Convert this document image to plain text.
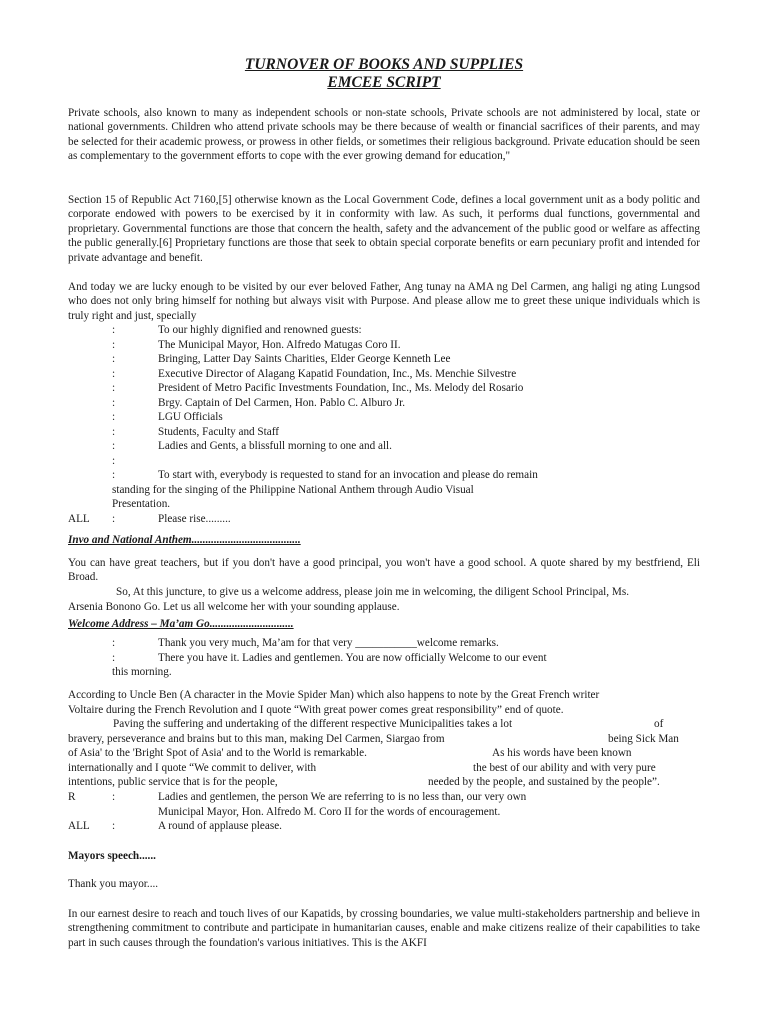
TURNOVER OF BOOKS AND SUPPLIES
EMCEE SCRIPT

Private schools, also known to many as independent schools or non-state schools, Private schools are not administered by local, state or national governments. Children who attend private schools may be there because of wealth or financial sacrifices of their parents, and may be selected for their academic prowess, or prowess in other fields, or sometimes their religious background. Private education should be seen as complementary to the government efforts to cope with the ever growing demand for education,"

Section 15 of Republic Act 7160,[5] otherwise known as the Local Government Code, defines a local government unit as a body politic and corporate endowed with powers to be exercised by it in conformity with law. As such, it performs dual functions, governmental and proprietary. Governmental functions are those that concern the health, safety and the advancement of the public good or welfare as affecting the public generally.[6] Proprietary functions are those that seek to obtain special corporate benefits or earn pecuniary profit and intended for private advantage and benefit.

And today we are lucky enough to be visited by our ever beloved Father, Ang tunay na AMA ng Del Carmen, ang haligi ng ating Lungsod who does not only bring himself for nothing but always visit with Purpose. And please allow me to greet these unique individuals which is truly right and just, specially

:	To our highly dignified and renowned guests:
:	The Municipal Mayor, Hon. Alfredo Matugas Coro II.
:	Bringing, Latter Day Saints Charities, Elder George Kenneth Lee
:	Executive Director of Alagang Kapatid Foundation, Inc., Ms. Menchie Silvestre
:	President of Metro Pacific Investments Foundation, Inc., Ms. Melody del Rosario
:	Brgy. Captain of Del Carmen, Hon. Pablo C. Alburo Jr.
:	LGU Officials
:	Students, Faculty and Staff
:	Ladies and Gents, a blissfull morning to one and all.
:
:	To start with, everybody is requested to stand for an invocation and please do remain
standing for the singing of the Philippine National Anthem through Audio Visual
Presentation.
ALL	:	Please rise.........
Invo and National Anthem.......................................

You can have great teachers, but if you don't have a good principal, you won't have a good school. A quote shared by my bestfriend, Eli Broad.

So, At this juncture, to give us a welcome address, please join me in welcoming, the diligent School Principal, Ms.
Arsenia Bonono Go. Let us all welcome her with your sounding applause.
Welcome Address – Ma’am Go..............................
:	Thank you very much, Ma’am for that very ___________welcome remarks.
:	There you have it. Ladies and gentlemen. You are now officially Welcome to our event
this morning.
According to Uncle Ben (A character in the Movie Spider Man) which also happens to note by the Great French writer
Voltaire during the French Revolution and I quote “With great power comes great responsibility” end of quote.
Paving the suffering and undertaking of the different respective Municipalities takes a lot	of
bravery, perseverance and brains but to this man, making Del Carmen, Siargao from	being Sick Man
of Asia' to the 'Bright Spot of Asia' and to the World is remarkable.	As his words have been known
internationally and I quote “We commit to deliver, with	the best of our ability and with very pure
intentions, public service that is for the people,	needed by the people, and sustained by the people”.
R	:	Ladies and gentlemen, the person We are referring to is no less than, our very own
Municipal Mayor, Hon. Alfredo M. Coro II for the words of encouragement.
ALL	:	A round of applause please.
Mayors speech......
Thank you mayor....

In our earnest desire to reach and touch lives of our Kapatids, by crossing boundaries, we value multi-stakeholders partnership and believe in strengthening commitment to contribute and participate in humanitarian causes, enable and make citizens realize of their capabilities to take part in such causes through the foundation's various initiatives. This is the AKFI
